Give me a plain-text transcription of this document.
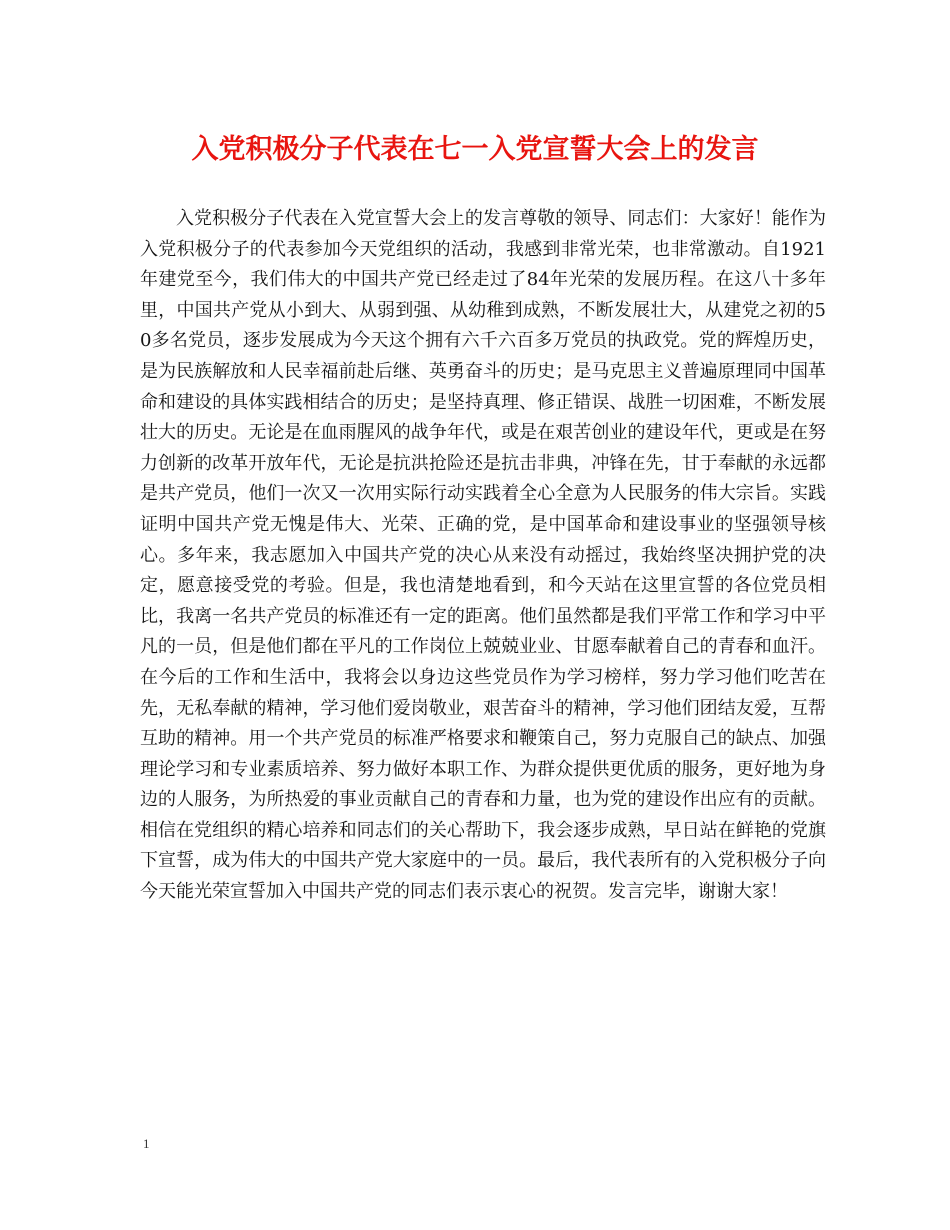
入党积极分子代表在七一入党宣誓大会上的发言

入党积极分子代表在入党宣誓大会上的发言尊敬的领导、同志们：大家好！能作为入党积极分子的代表参加今天党组织的活动，我感到非常光荣，也非常激动。自1921年建党至今，我们伟大的中国共产党已经走过了84年光荣的发展历程。在这八十多年里，中国共产党从小到大、从弱到强、从幼稚到成熟，不断发展壮大，从建党之初的50多名党员，逐步发展成为今天这个拥有六千六百多万党员的执政党。党的辉煌历史，是为民族解放和人民幸福前赴后继、英勇奋斗的历史；是马克思主义普遍原理同中国革命和建设的具体实践相结合的历史；是坚持真理、修正错误、战胜一切困难，不断发展壮大的历史。无论是在血雨腥风的战争年代，或是在艰苦创业的建设年代，更或是在努力创新的改革开放年代，无论是抗洪抢险还是抗击非典，冲锋在先，甘于奉献的永远都是共产党员，他们一次又一次用实际行动实践着全心全意为人民服务的伟大宗旨。实践证明中国共产党无愧是伟大、光荣、正确的党，是中国革命和建设事业的坚强领导核心。多年来，我志愿加入中国共产党的决心从来没有动摇过，我始终坚决拥护党的决定，愿意接受党的考验。但是，我也清楚地看到，和今天站在这里宣誓的各位党员相比，我离一名共产党员的标准还有一定的距离。他们虽然都是我们平常工作和学习中平凡的一员，但是他们都在平凡的工作岗位上兢兢业业、甘愿奉献着自己的青春和血汗。在今后的工作和生活中，我将会以身边这些党员作为学习榜样，努力学习他们吃苦在先，无私奉献的精神，学习他们爱岗敬业，艰苦奋斗的精神，学习他们团结友爱，互帮互助的精神。用一个共产党员的标准严格要求和鞭策自己，努力克服自己的缺点、加强理论学习和专业素质培养、努力做好本职工作、为群众提供更优质的服务，更好地为身边的人服务，为所热爱的事业贡献自己的青春和力量，也为党的建设作出应有的贡献。相信在党组织的精心培养和同志们的关心帮助下，我会逐步成熟，早日站在鲜艳的党旗下宣誓，成为伟大的中国共产党大家庭中的一员。最后，我代表所有的入党积极分子向今天能光荣宣誓加入中国共产党的同志们表示衷心的祝贺。发言完毕，谢谢大家！

1
